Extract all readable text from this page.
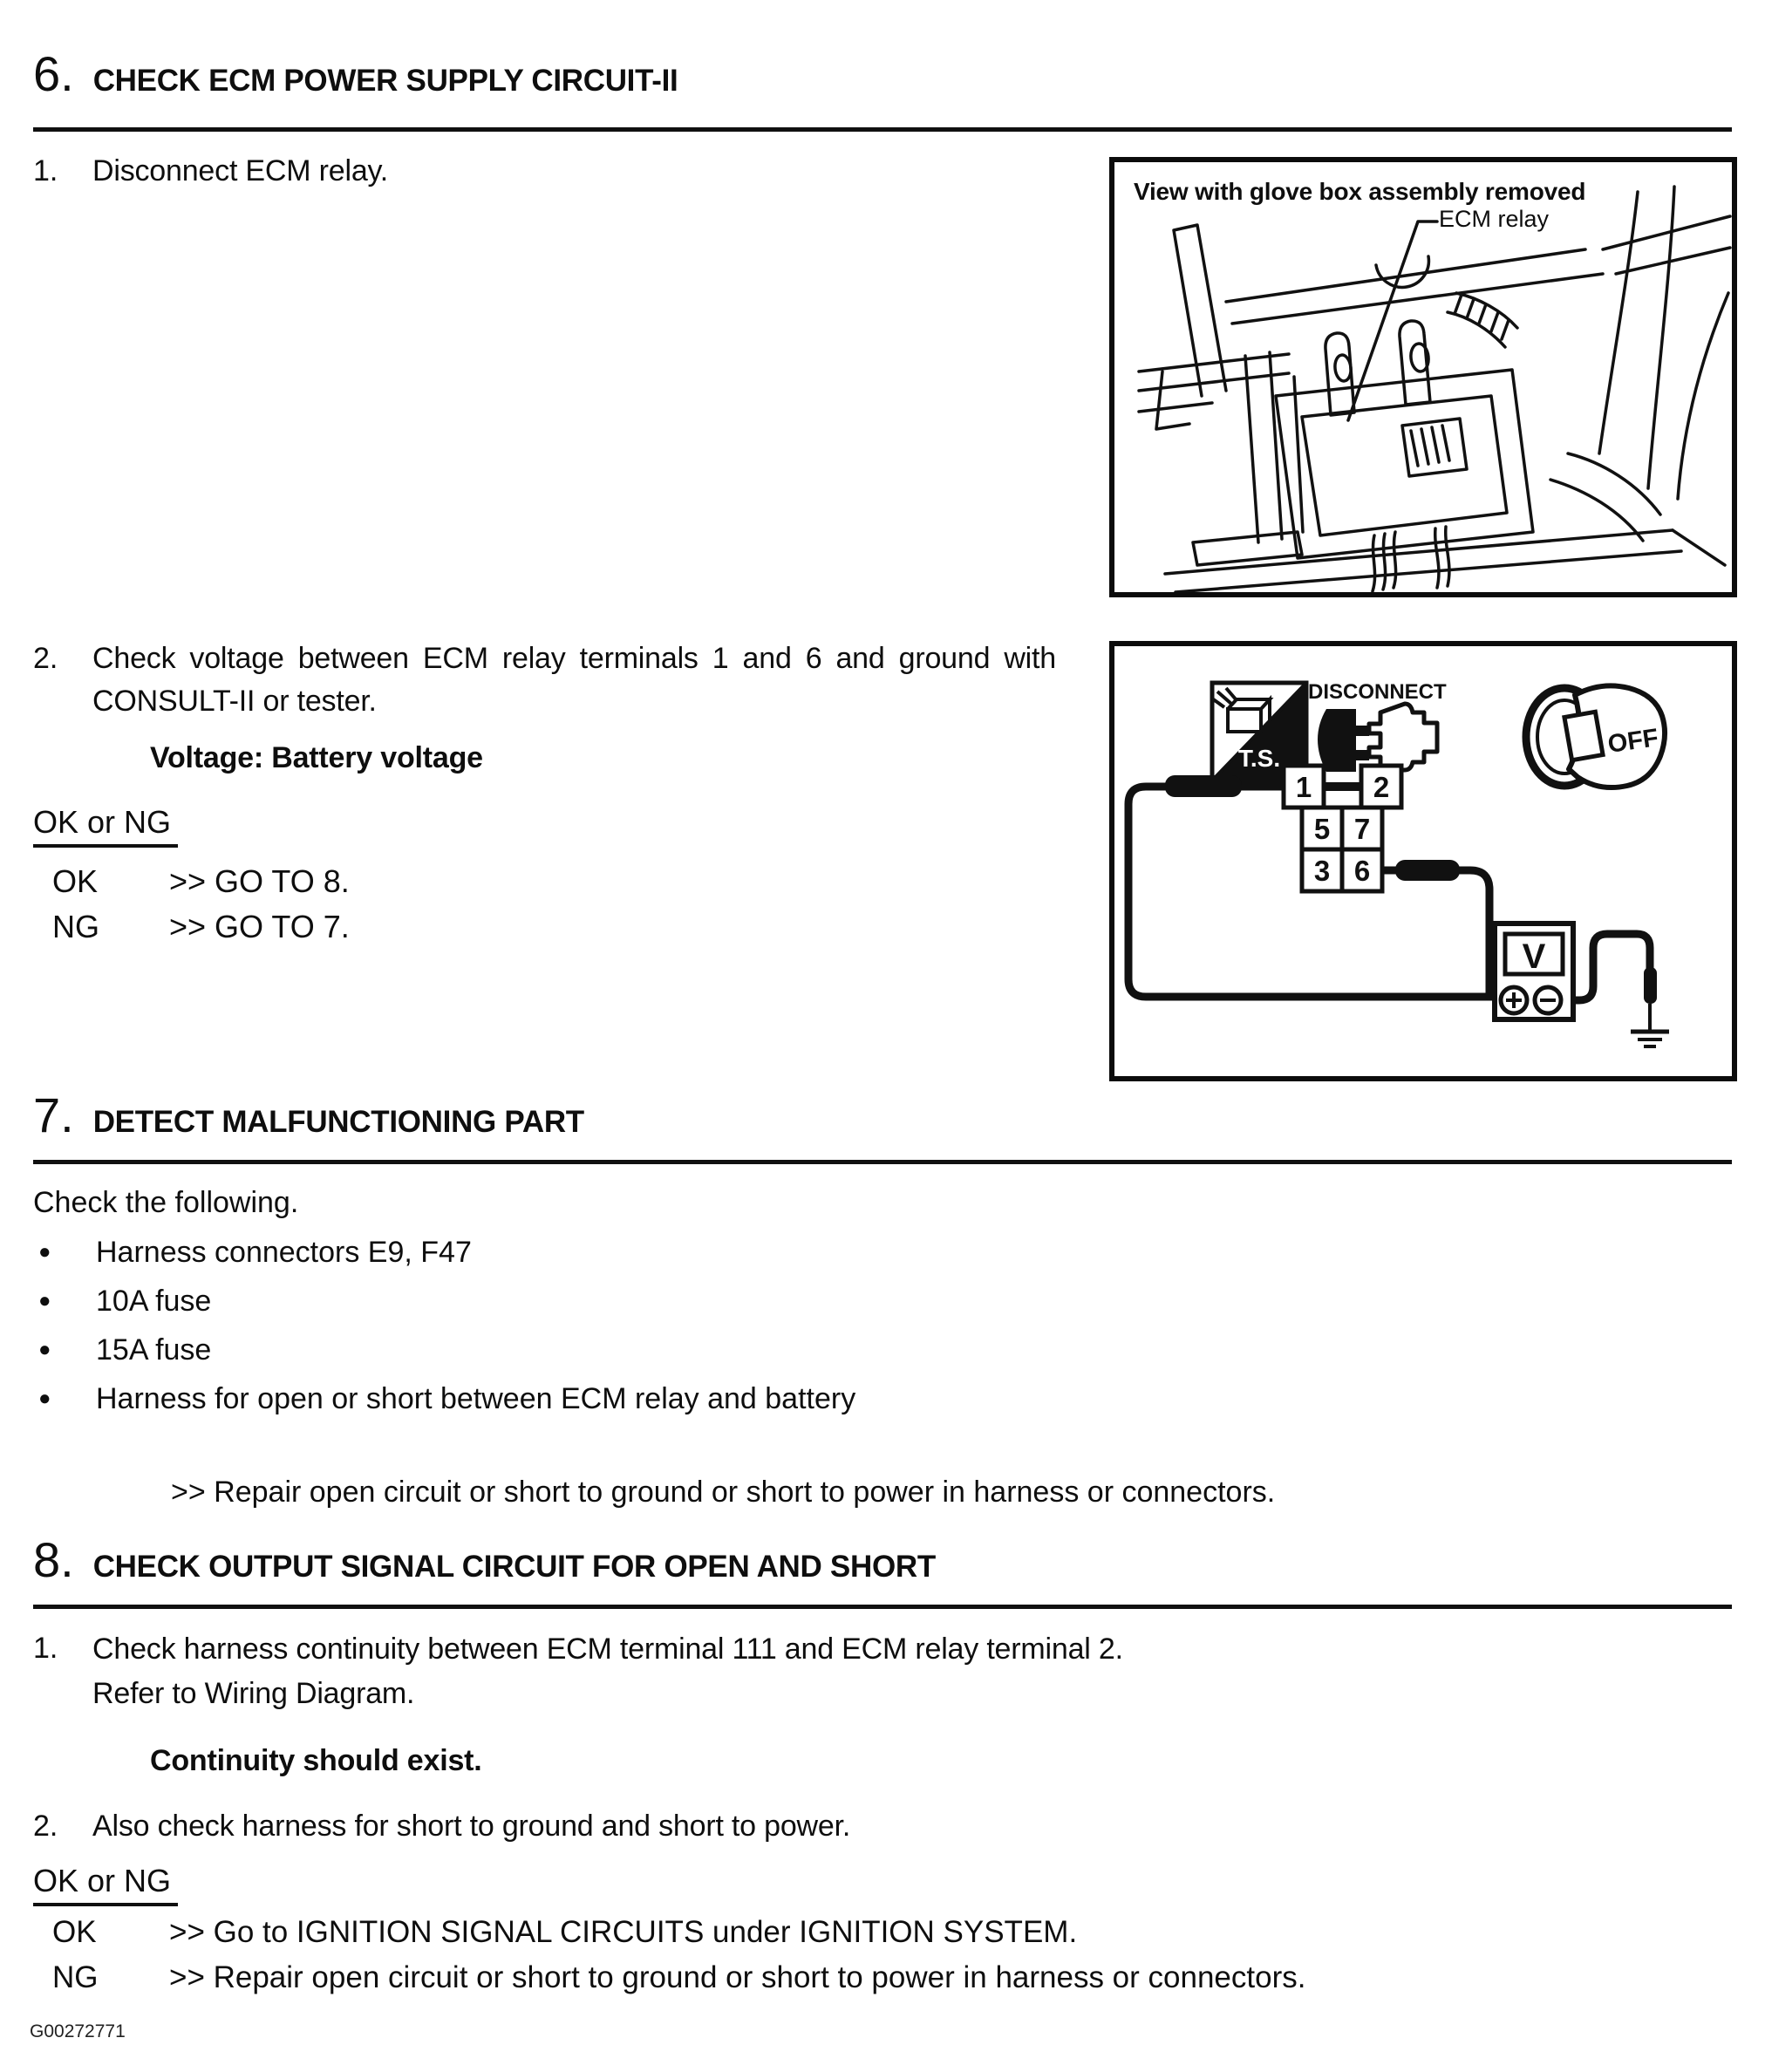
6. CHECK ECM POWER SUPPLY CIRCUIT-II
1.	Disconnect ECM relay.
View with glove box assembly removed
ECM relay
2.	Check voltage between ECM relay terminals 1 and 6 and ground with CONSULT-II or tester.
Voltage: Battery voltage
OK or NG
OK	>> GO TO 8.
NG	>> GO TO 7.
T.S.
DISCONNECT
OFF
1 2
5 7
3 6
V
7. DETECT MALFUNCTIONING PART
Check the following.
●	Harness connectors E9, F47
●	10A fuse
●	15A fuse
●	Harness for open or short between ECM relay and battery
>> Repair open circuit or short to ground or short to power in harness or connectors.
8. CHECK OUTPUT SIGNAL CIRCUIT FOR OPEN AND SHORT
1.	Check harness continuity between ECM terminal 111 and ECM relay terminal 2.
Refer to Wiring Diagram.
Continuity should exist.
2.	Also check harness for short to ground and short to power.
OK or NG
OK	>> Go to IGNITION SIGNAL CIRCUITS under IGNITION SYSTEM.
NG	>> Repair open circuit or short to ground or short to power in harness or connectors.
G00272771
